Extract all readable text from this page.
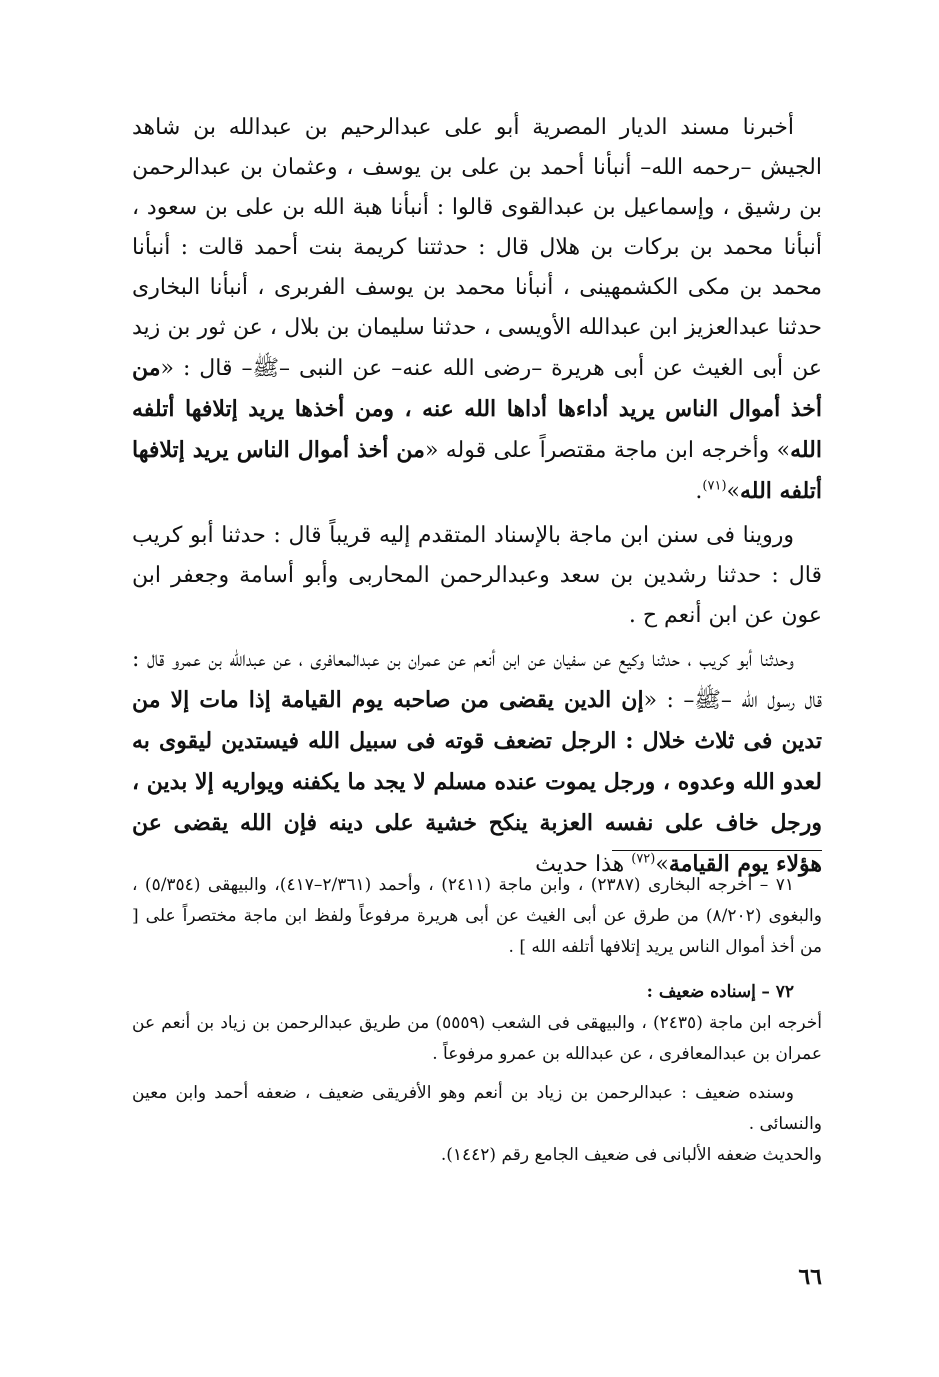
أخبرنا مسند الديار المصرية أبو على عبدالرحيم بن عبدالله بن شاهد الجيش –رحمه الله– أنبأنا أحمد بن على بن يوسف ، وعثمان بن عبدالرحمن بن رشيق ، وإسماعيل بن عبدالقوى قالوا : أنبأنا هبة الله بن على بن سعود ، أنبأنا محمد بن بركات بن هلال قال : حدثتنا كريمة بنت أحمد قالت : أنبأنا محمد بن مكى الكشمهينى ، أنبأنا محمد بن يوسف الفربرى ، أنبأنا البخارى حدثنا عبدالعزيز ابن عبدالله الأويسى ، حدثنا سليمان بن بلال ، عن ثور بن زيد عن أبى الغيث عن أبى هريرة –رضى الله عنه– عن النبى –ﷺ– قال : «من أخذ أموال الناس يريد أداءها أداها الله عنه ، ومن أخذها يريد إتلافها أتلفه الله» وأخرجه ابن ماجة مقتصراً على قوله «من أخذ أموال الناس يريد إتلافها أتلفه الله»$^{(٧١)}$.

وروينا فى سنن ابن ماجة بالإسناد المتقدم إليه قريباً قال : حدثنا أبو كريب قال : حدثنا رشدين بن سعد وعبدالرحمن المحاربى وأبو أسامة وجعفر ابن عون عن ابن أنعم ح .

وحدثنا أبو كريب ، حدثنا وكيع عن سفيان عن ابن أنعم عن عمران بن عبدالمعافرى ، عن عبدالله بن عمرو قال : قال رسول الله –ﷺ– : «إن الدين يقضى من صاحبه يوم القيامة إذا مات إلا من تدين فى ثلاث خلال : الرجل تضعف قوته فى سبيل الله فيستدين ليقوى به لعدو الله وعدوه ، ورجل يموت عنده مسلم لا يجد ما يكفنه ويواريه إلا بدين ، ورجل خاف على نفسه العزبة ينكح خشية على دينه فإن الله يقضى عن هؤلاء يوم القيامة»$^{(٧٢)}$ هذا حديث

٧١ – أخرجه البخارى (٢٣٨٧) ، وابن ماجة (٢٤١١) ، وأحمد (٢/٣٦١–٤١٧)، والبيهقى (٥/٣٥٤) ، والبغوى (٨/٢٠٢) من طرق عن أبى الغيث عن أبى هريرة مرفوعاً ولفظ ابن ماجة مختصراً على [ من أخذ أموال الناس يريد إتلافها أتلفه الله ] .

٧٢ – إسناده ضعيف :

أخرجه ابن ماجة (٢٤٣٥) ، والبيهقى فى الشعب (٥٥٥٩) من طريق عبدالرحمن بن زياد بن أنعم عن عمران بن عبدالمعافرى ، عن عبدالله بن عمرو مرفوعاً .

وسنده ضعيف : عبدالرحمن بن زياد بن أنعم وهو الأفريقى ضعيف ، ضعفه أحمد وابن معين والنسائى .

والحديث ضعفه الألبانى فى ضعيف الجامع رقم (١٤٤٢).

٦٦
